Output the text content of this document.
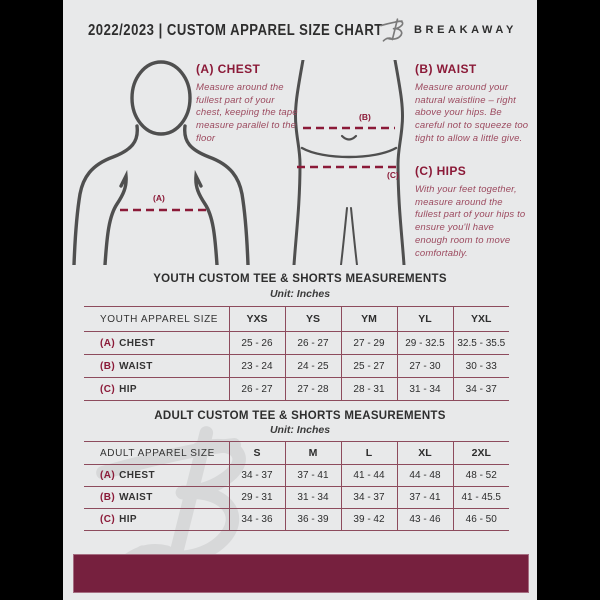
2022/2023 | CUSTOM APPAREL SIZE CHART	BREAKAWAY
(A)
(B)
(C)
(A) CHEST
Measure around the fullest part of your chest, keeping the tape measure parallel to the floor
(B) WAIST
Measure around your natural waistline – right above your hips. Be careful not to squeeze too tight to allow a little give.
(C) HIPS
With your feet together, measure around the fullest part of your hips to ensure you'll have enough room to move comfortably.
YOUTH CUSTOM TEE & SHORTS MEASUREMENTS
Unit: Inches
YOUTH APPAREL SIZE	YXS	YS	YM	YL	YXL
(A) CHEST	25 - 26	26 - 27	27 - 29	29 - 32.5	32.5 - 35.5
(B) WAIST	23 - 24	24 - 25	25 - 27	27 - 30	30 - 33
(C) HIP	26 - 27	27 - 28	28 - 31	31 - 34	34 - 37
ADULT CUSTOM TEE & SHORTS MEASUREMENTS
Unit: Inches
ADULT APPAREL SIZE	S	M	L	XL	2XL
(A) CHEST	34 - 37	37 - 41	41 - 44	44 - 48	48 - 52
(B) WAIST	29 - 31	31 - 34	34 - 37	37 - 41	41 - 45.5
(C) HIP	34 - 36	36 - 39	39 - 42	43 - 46	46 - 50
